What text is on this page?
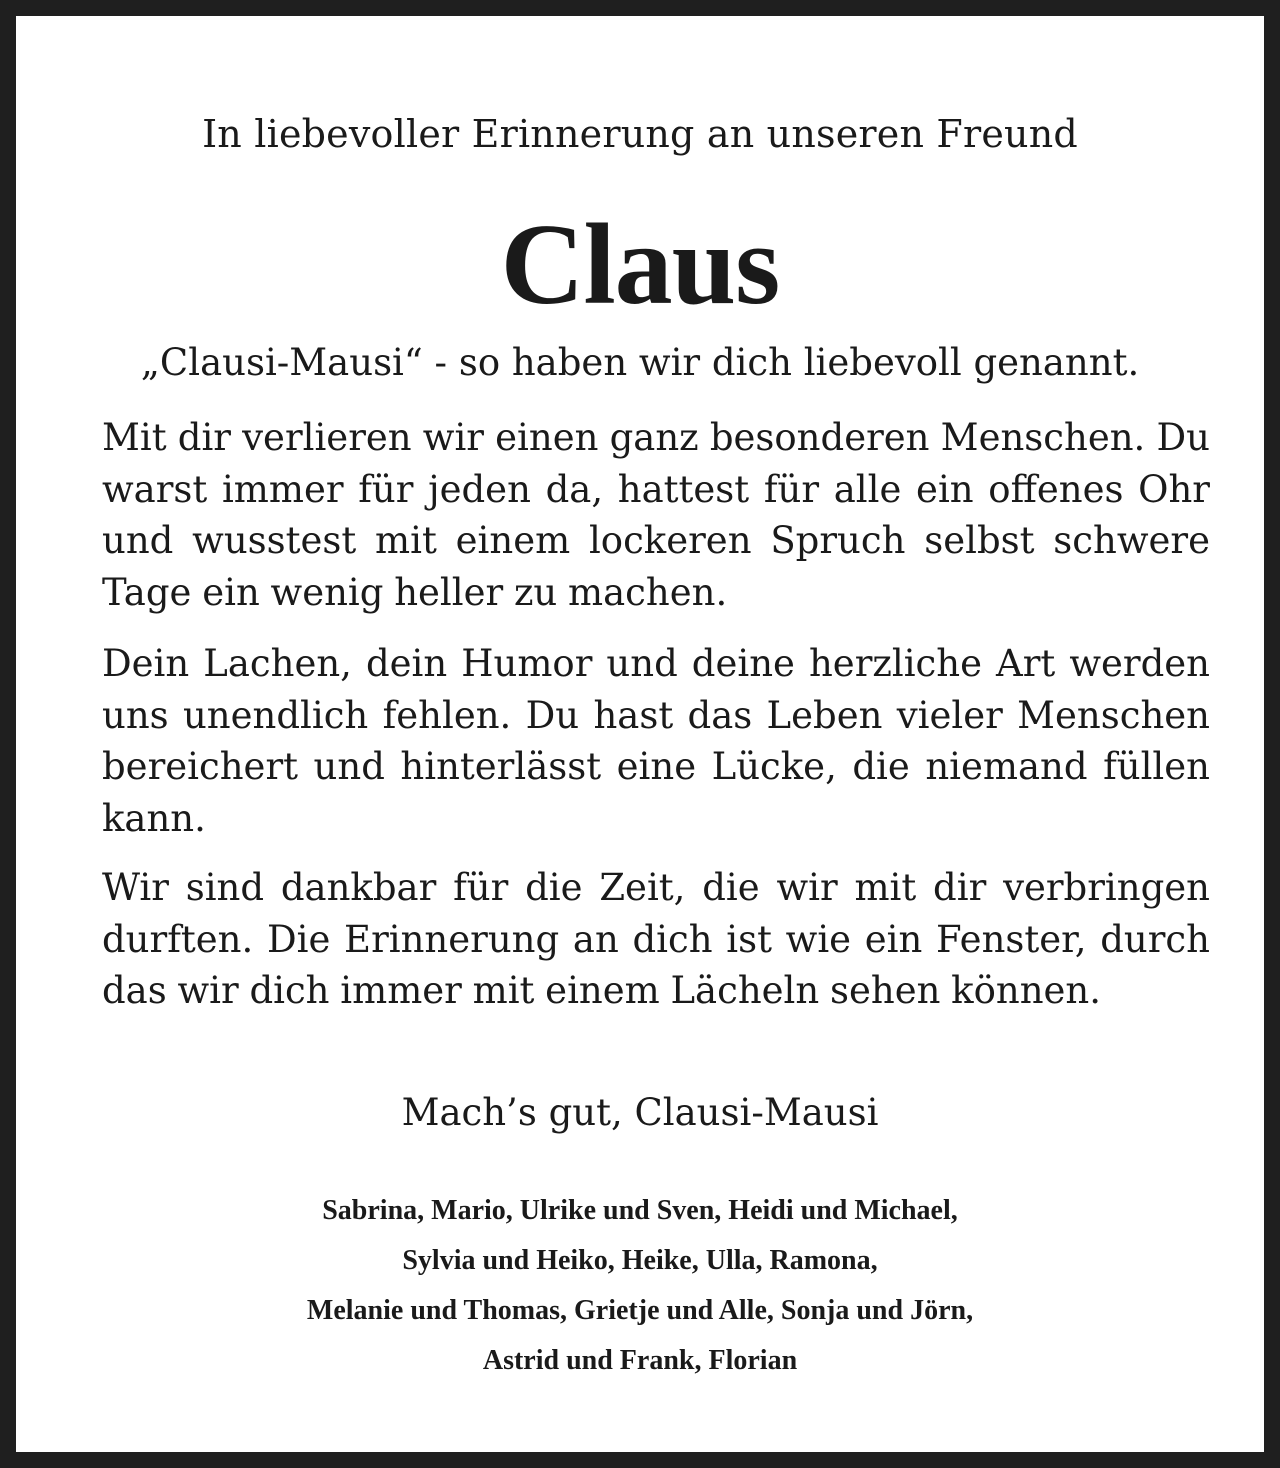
In liebevoller Erinnerung an unseren Freund
Claus
„Clausi-Mausi“ - so haben wir dich liebevoll genannt.

Mit dir verlieren wir einen ganz besonderen Menschen. Du warst immer für jeden da, hattest für alle ein offenes Ohr und wusstest mit einem lockeren Spruch selbst schwere Tage ein wenig heller zu machen.

Dein Lachen, dein Humor und deine herzliche Art werden uns unendlich fehlen. Du hast das Leben vieler Menschen bereichert und hinterlässt eine Lücke, die niemand füllen kann.

Wir sind dankbar für die Zeit, die wir mit dir verbringen durften. Die Erinnerung an dich ist wie ein Fenster, durch das wir dich immer mit einem Lächeln sehen können.

Mach’s gut, Clausi-Mausi
Sabrina, Mario, Ulrike und Sven, Heidi und Michael,
Sylvia und Heiko, Heike, Ulla, Ramona,
Melanie und Thomas, Grietje und Alle, Sonja und Jörn,
Astrid und Frank, Florian
